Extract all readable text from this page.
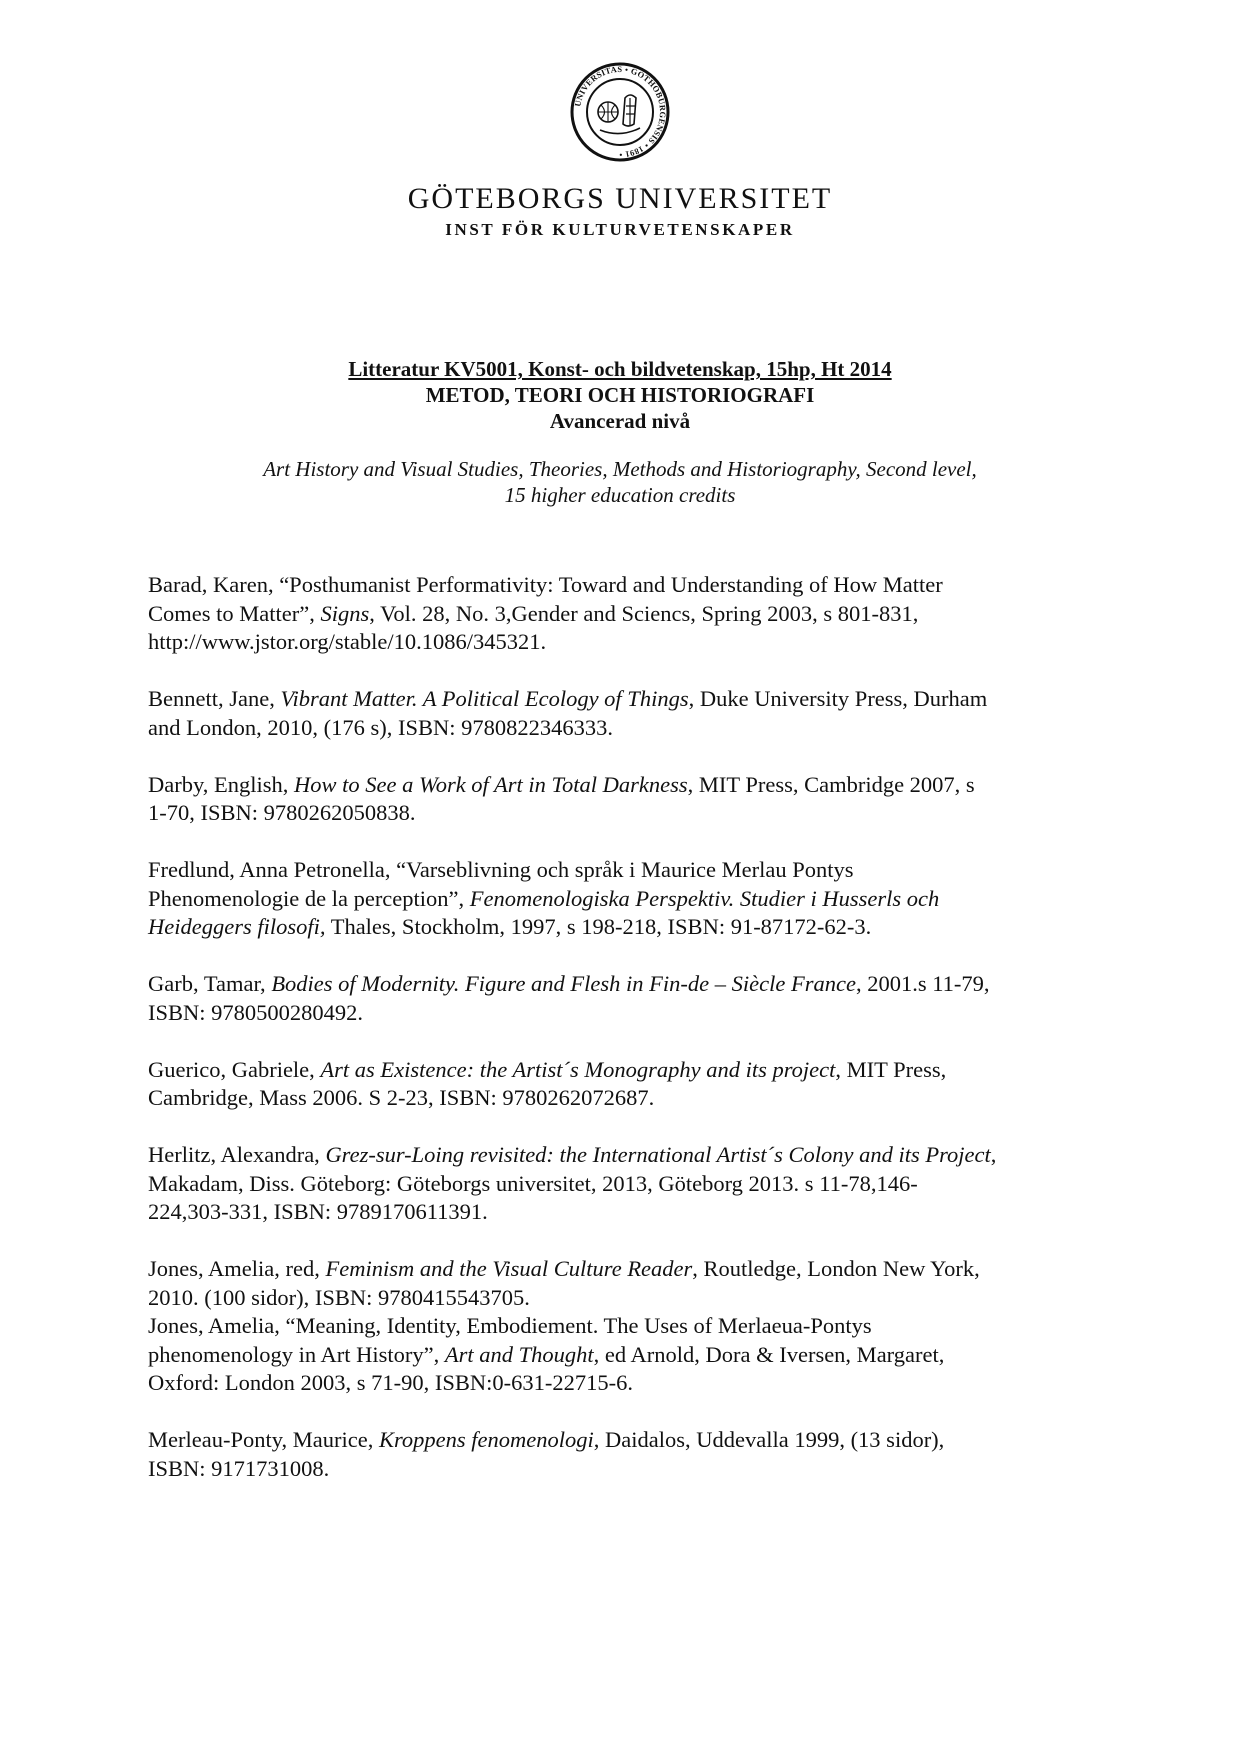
UNIVERSITAS • GOTHOBURGENSIS • 1891 •
GÖTEBORGS UNIVERSITET
INST FÖR KULTURVETENSKAPER
Litteratur KV5001, Konst- och bildvetenskap, 15hp, Ht 2014
METOD, TEORI OCH HISTORIOGRAFI
Avancerad nivå
Art History and Visual Studies, Theories, Methods and Historiography, Second level,
15 higher education credits

Barad, Karen, “Posthumanist Performativity: Toward and Understanding of How Matter Comes to Matter”, Signs, Vol. 28, No. 3,Gender and Sciencs, Spring 2003, s 801-831, http://www.jstor.org/stable/10.1086/345321.

Bennett, Jane, Vibrant Matter. A Political Ecology of Things, Duke University Press, Durham and London, 2010, (176 s), ISBN: 9780822346333.

Darby, English, How to See a Work of Art in Total Darkness, MIT Press, Cambridge 2007, s 1-70, ISBN: 9780262050838.

Fredlund, Anna Petronella, “Varseblivning och språk i Maurice Merlau Pontys Phenomenologie de la perception”, Fenomenologiska Perspektiv. Studier i Husserls och Heideggers filosofi, Thales, Stockholm, 1997, s 198-218, ISBN: 91-87172-62-3.

Garb, Tamar, Bodies of Modernity. Figure and Flesh in Fin-de – Siècle France, 2001.s 11-79, ISBN: 9780500280492.

Guerico, Gabriele, Art as Existence: the Artist´s Monography and its project, MIT Press, Cambridge, Mass 2006. S 2-23, ISBN: 9780262072687.

Herlitz, Alexandra, Grez-sur-Loing revisited: the International Artist´s Colony and its Project, Makadam, Diss. Göteborg: Göteborgs universitet, 2013, Göteborg 2013. s 11-78,146-224,303-331, ISBN: 9789170611391.

Jones, Amelia, red, Feminism and the Visual Culture Reader, Routledge, London New York, 2010. (100 sidor), ISBN: 9780415543705.

Jones, Amelia, “Meaning, Identity, Embodiement. The Uses of Merlaeua-Pontys phenomenology in Art History”, Art and Thought, ed Arnold, Dora & Iversen, Margaret, Oxford: London 2003, s 71-90, ISBN:0-631-22715-6.

Merleau-Ponty, Maurice, Kroppens fenomenologi, Daidalos, Uddevalla 1999, (13 sidor), ISBN: 9171731008.
